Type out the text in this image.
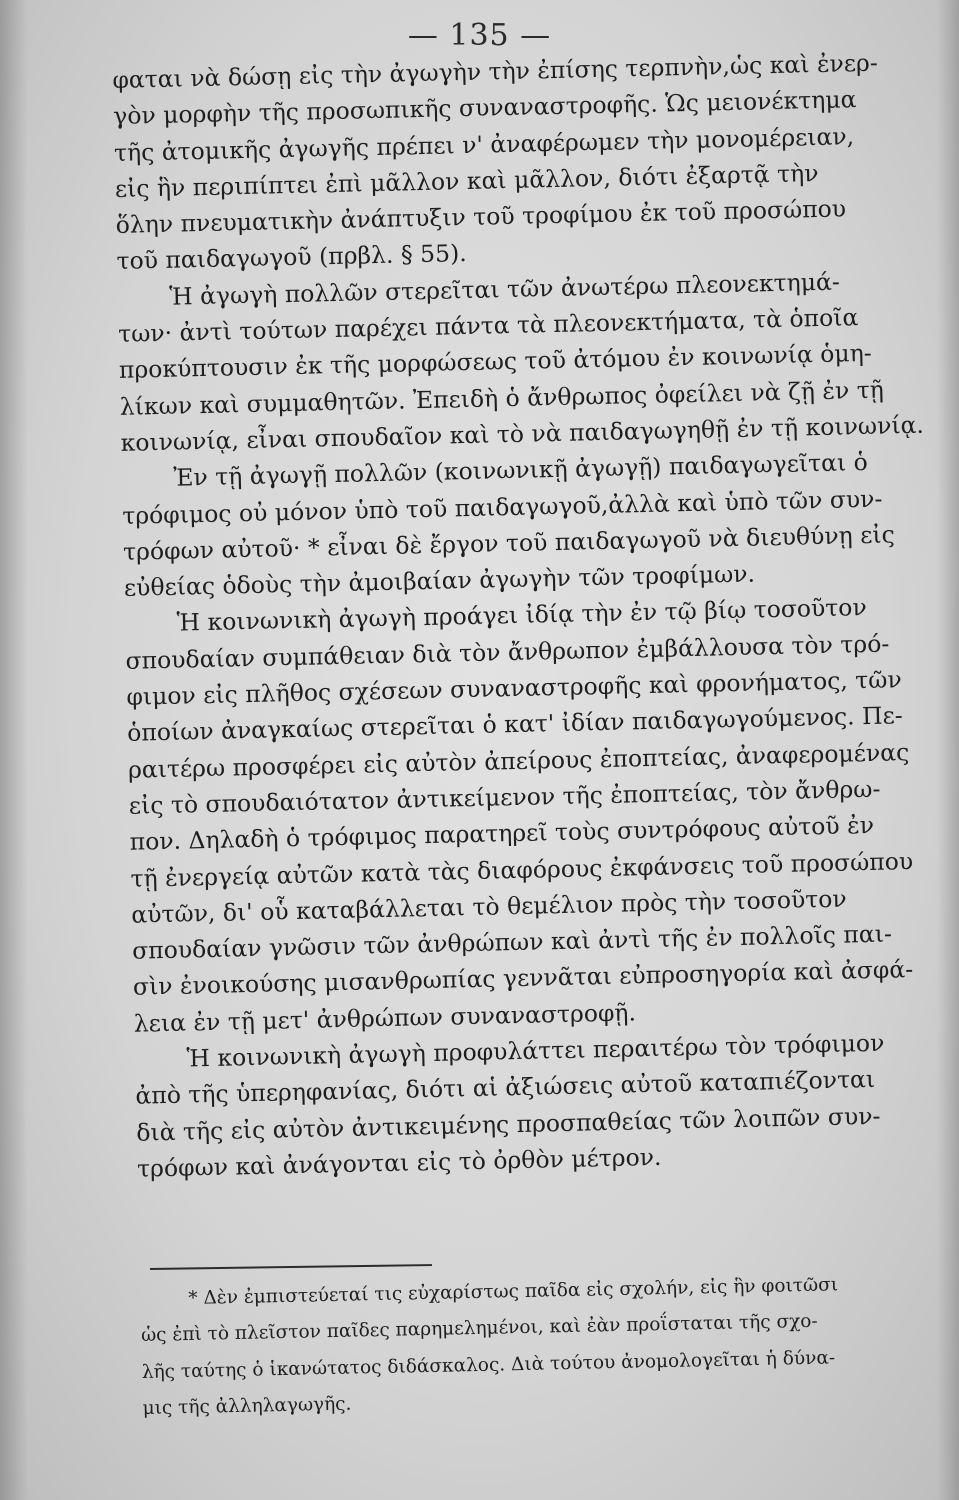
— 135 —
φαται νὰ δώσῃ εἰς τὴν ἀγωγὴν τὴν ἐπίσης τερπνὴν,ὡς καὶ ἐνερ-
γὸν μορφὴν τῆς προσωπικῆς συναναστροφῆς. Ὡς μειονέκτημα
τῆς ἀτομικῆς ἀγωγῆς πρέπει ν' ἀναφέρωμεν τὴν μονομέρειαν,
εἰς ἣν περιπίπτει ἐπὶ μᾶλλον καὶ μᾶλλον, διότι ἐξαρτᾷ τὴν
ὅλην πνευματικὴν ἀνάπτυξιν τοῦ τροφίμου ἐκ τοῦ προσώπου
τοῦ παιδαγωγοῦ (πρβλ. § 55).
Ἡ ἀγωγὴ πολλῶν στερεῖται τῶν ἀνωτέρω πλεονεκτημά-
των· ἀντὶ τούτων παρέχει πάντα τὰ πλεονεκτήματα, τὰ ὁποῖα
προκύπτουσιν ἐκ τῆς μορφώσεως τοῦ ἀτόμου ἐν κοινωνίᾳ ὁμη-
λίκων καὶ συμμαθητῶν. Ἐπειδὴ ὁ ἄνθρωπος ὀφείλει νὰ ζῇ ἐν τῇ
κοινωνίᾳ, εἶναι σπουδαῖον καὶ τὸ νὰ παιδαγωγηθῇ ἐν τῇ κοινωνίᾳ.
Ἐν τῇ ἀγωγῇ πολλῶν (κοινωνικῇ ἀγωγῇ) παιδαγωγεῖται ὁ
τρόφιμος οὐ μόνον ὑπὸ τοῦ παιδαγωγοῦ,ἀλλὰ καὶ ὑπὸ τῶν συν-
τρόφων αὐτοῦ· * εἶναι δὲ ἔργον τοῦ παιδαγωγοῦ νὰ διευθύνῃ εἰς
εὐθείας ὁδοὺς τὴν ἀμοιβαίαν ἀγωγὴν τῶν τροφίμων.
Ἡ κοινωνικὴ ἀγωγὴ προάγει ἰδίᾳ τὴν ἐν τῷ βίῳ τοσοῦτον
σπουδαίαν συμπάθειαν διὰ τὸν ἄνθρωπον ἐμβάλλουσα τὸν τρό-
φιμον εἰς πλῆθος σχέσεων συναναστροφῆς καὶ φρονήματος, τῶν
ὁποίων ἀναγκαίως στερεῖται ὁ κατ' ἰδίαν παιδαγωγούμενος. Πε-
ραιτέρω προσφέρει εἰς αὐτὸν ἀπείρους ἐποπτείας, ἀναφερομένας
εἰς τὸ σπουδαιότατον ἀντικείμενον τῆς ἐποπτείας, τὸν ἄνθρω-
πον. Δηλαδὴ ὁ τρόφιμος παρατηρεῖ τοὺς συντρόφους αὐτοῦ ἐν
τῇ ἐνεργείᾳ αὐτῶν κατὰ τὰς διαφόρους ἐκφάνσεις τοῦ προσώπου
αὐτῶν, δι' οὗ καταβάλλεται τὸ θεμέλιον πρὸς τὴν τοσοῦτον
σπουδαίαν γνῶσιν τῶν ἀνθρώπων καὶ ἀντὶ τῆς ἐν πολλοῖς παι-
σὶν ἐνοικούσης μισανθρωπίας γεννᾶται εὐπροσηγορία καὶ ἀσφά-
λεια ἐν τῇ μετ' ἀνθρώπων συναναστροφῇ.
Ἡ κοινωνικὴ ἀγωγὴ προφυλάττει περαιτέρω τὸν τρόφιμον
ἀπὸ τῆς ὑπερηφανίας, διότι αἱ ἀξιώσεις αὐτοῦ καταπιέζονται
διὰ τῆς εἰς αὐτὸν ἀντικειμένης προσπαθείας τῶν λοιπῶν συν-
τρόφων καὶ ἀνάγονται εἰς τὸ ὀρθὸν μέτρον.
* Δὲν ἐμπιστεύεταί τις εὐχαρίστως παῖδα εἰς σχολήν, εἰς ἣν φοιτῶσι
ὡς ἐπὶ τὸ πλεῖστον παῖδες παρημελημένοι, καὶ ἐὰν προΐσταται τῆς σχο-
λῆς ταύτης ὁ ἱκανώτατος διδάσκαλος. Διὰ τούτου ἀνομολογεῖται ἡ δύνα-
μις τῆς ἀλληλαγωγῆς.
